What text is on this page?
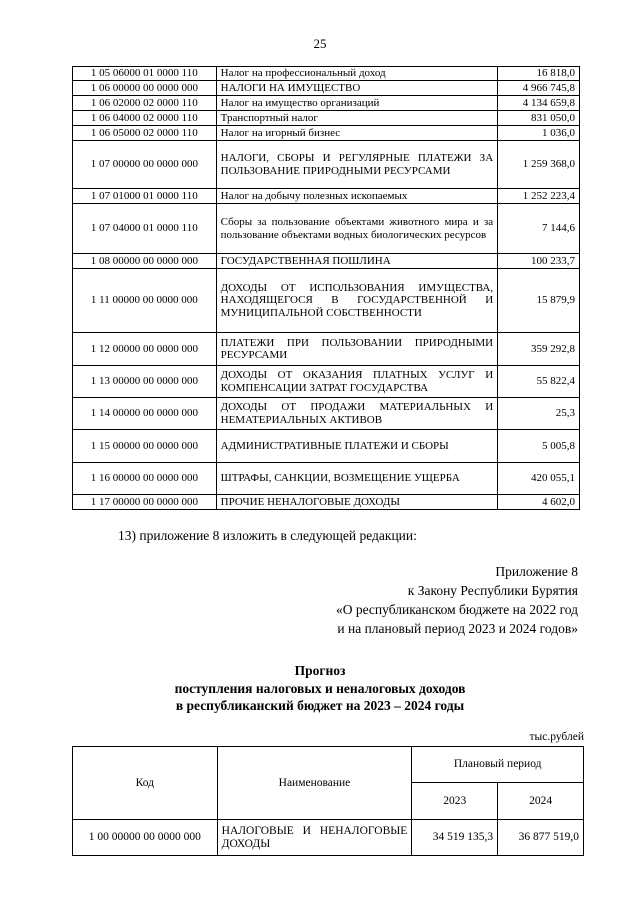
25
1 05 06000 01 0000 110	Налог на профессиональный доход	16 818,0
1 06 00000 00 0000 000	НАЛОГИ НА ИМУЩЕСТВО	4 966 745,8
1 06 02000 02 0000 110	Налог на имущество организаций	4 134 659,8
1 06 04000 02 0000 110	Транспортный налог	831 050,0
1 06 05000 02 0000 110	Налог на игорный бизнес	1 036,0
1 07 00000 00 0000 000	НАЛОГИ, СБОРЫ И РЕГУЛЯРНЫЕ ПЛАТЕЖИ ЗА ПОЛЬЗОВАНИЕ ПРИРОДНЫМИ РЕСУРСАМИ	1 259 368,0
1 07 01000 01 0000 110	Налог на добычу полезных ископаемых	1 252 223,4
1 07 04000 01 0000 110	Сборы за пользование объектами животного мира и за пользование объектами водных биологических ресурсов	7 144,6
1 08 00000 00 0000 000	ГОСУДАРСТВЕННАЯ ПОШЛИНА	100 233,7
1 11 00000 00 0000 000	ДОХОДЫ ОТ ИСПОЛЬЗОВАНИЯ ИМУЩЕСТВА, НАХОДЯЩЕГОСЯ В ГОСУДАРСТВЕННОЙ И МУНИЦИПАЛЬНОЙ СОБСТВЕННОСТИ	15 879,9
1 12 00000 00 0000 000	ПЛАТЕЖИ ПРИ ПОЛЬЗОВАНИИ ПРИРОДНЫМИ РЕСУРСАМИ	359 292,8
1 13 00000 00 0000 000	ДОХОДЫ ОТ ОКАЗАНИЯ ПЛАТНЫХ УСЛУГ И КОМПЕНСАЦИИ ЗАТРАТ ГОСУДАРСТВА	55 822,4
1 14 00000 00 0000 000	ДОХОДЫ ОТ ПРОДАЖИ МАТЕРИАЛЬНЫХ И НЕМАТЕРИАЛЬНЫХ АКТИВОВ	25,3
1 15 00000 00 0000 000	АДМИНИСТРАТИВНЫЕ ПЛАТЕЖИ И СБОРЫ	5 005,8
1 16 00000 00 0000 000	ШТРАФЫ, САНКЦИИ, ВОЗМЕЩЕНИЕ УЩЕРБА	420 055,1
1 17 00000 00 0000 000	ПРОЧИЕ НЕНАЛОГОВЫЕ ДОХОДЫ	4 602,0
13) приложение 8 изложить в следующей редакции:
Приложение 8
к Закону Республики Бурятия
«О республиканском бюджете на 2022 год
и на плановый период 2023 и 2024 годов»
Прогноз
поступления налоговых и неналоговых доходов
в республиканский бюджет на 2023 – 2024 годы
тыс.рублей
Код	Наименование	Плановый период	
		2023	2024
1 00 00000 00 0000 000	НАЛОГОВЫЕ И НЕНАЛОГОВЫЕ ДОХОДЫ	34 519 135,3	36 877 519,0
